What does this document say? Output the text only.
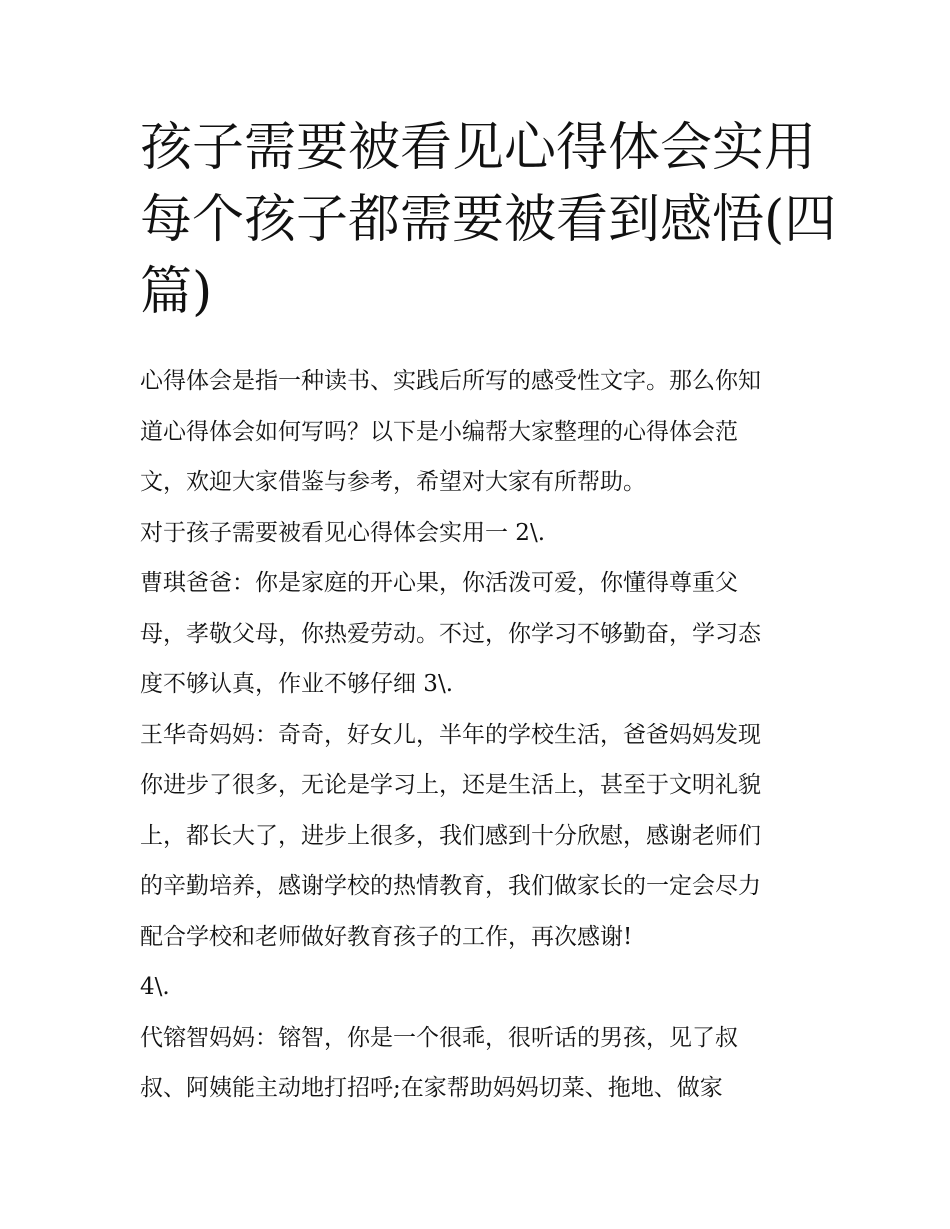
孩子需要被看见心得体会实用
每个孩子都需要被看到感悟(四
篇)
心得体会是指一种读书、实践后所写的感受性文字。那么你知
道心得体会如何写吗？以下是小编帮大家整理的心得体会范
文，欢迎大家借鉴与参考，希望对大家有所帮助。
对于孩子需要被看见心得体会实用一 2\.
曹琪爸爸：你是家庭的开心果，你活泼可爱，你懂得尊重父
母，孝敬父母，你热爱劳动。不过，你学习不够勤奋，学习态
度不够认真，作业不够仔细 3\.
王华奇妈妈：奇奇，好女儿，半年的学校生活，爸爸妈妈发现
你进步了很多，无论是学习上，还是生活上，甚至于文明礼貌
上，都长大了，进步上很多，我们感到十分欣慰，感谢老师们
的辛勤培养，感谢学校的热情教育，我们做家长的一定会尽力
配合学校和老师做好教育孩子的工作，再次感谢!
4\.
代镕智妈妈：镕智，你是一个很乖，很听话的男孩，见了叔
叔、阿姨能主动地打招呼;在家帮助妈妈切菜、拖地、做家
